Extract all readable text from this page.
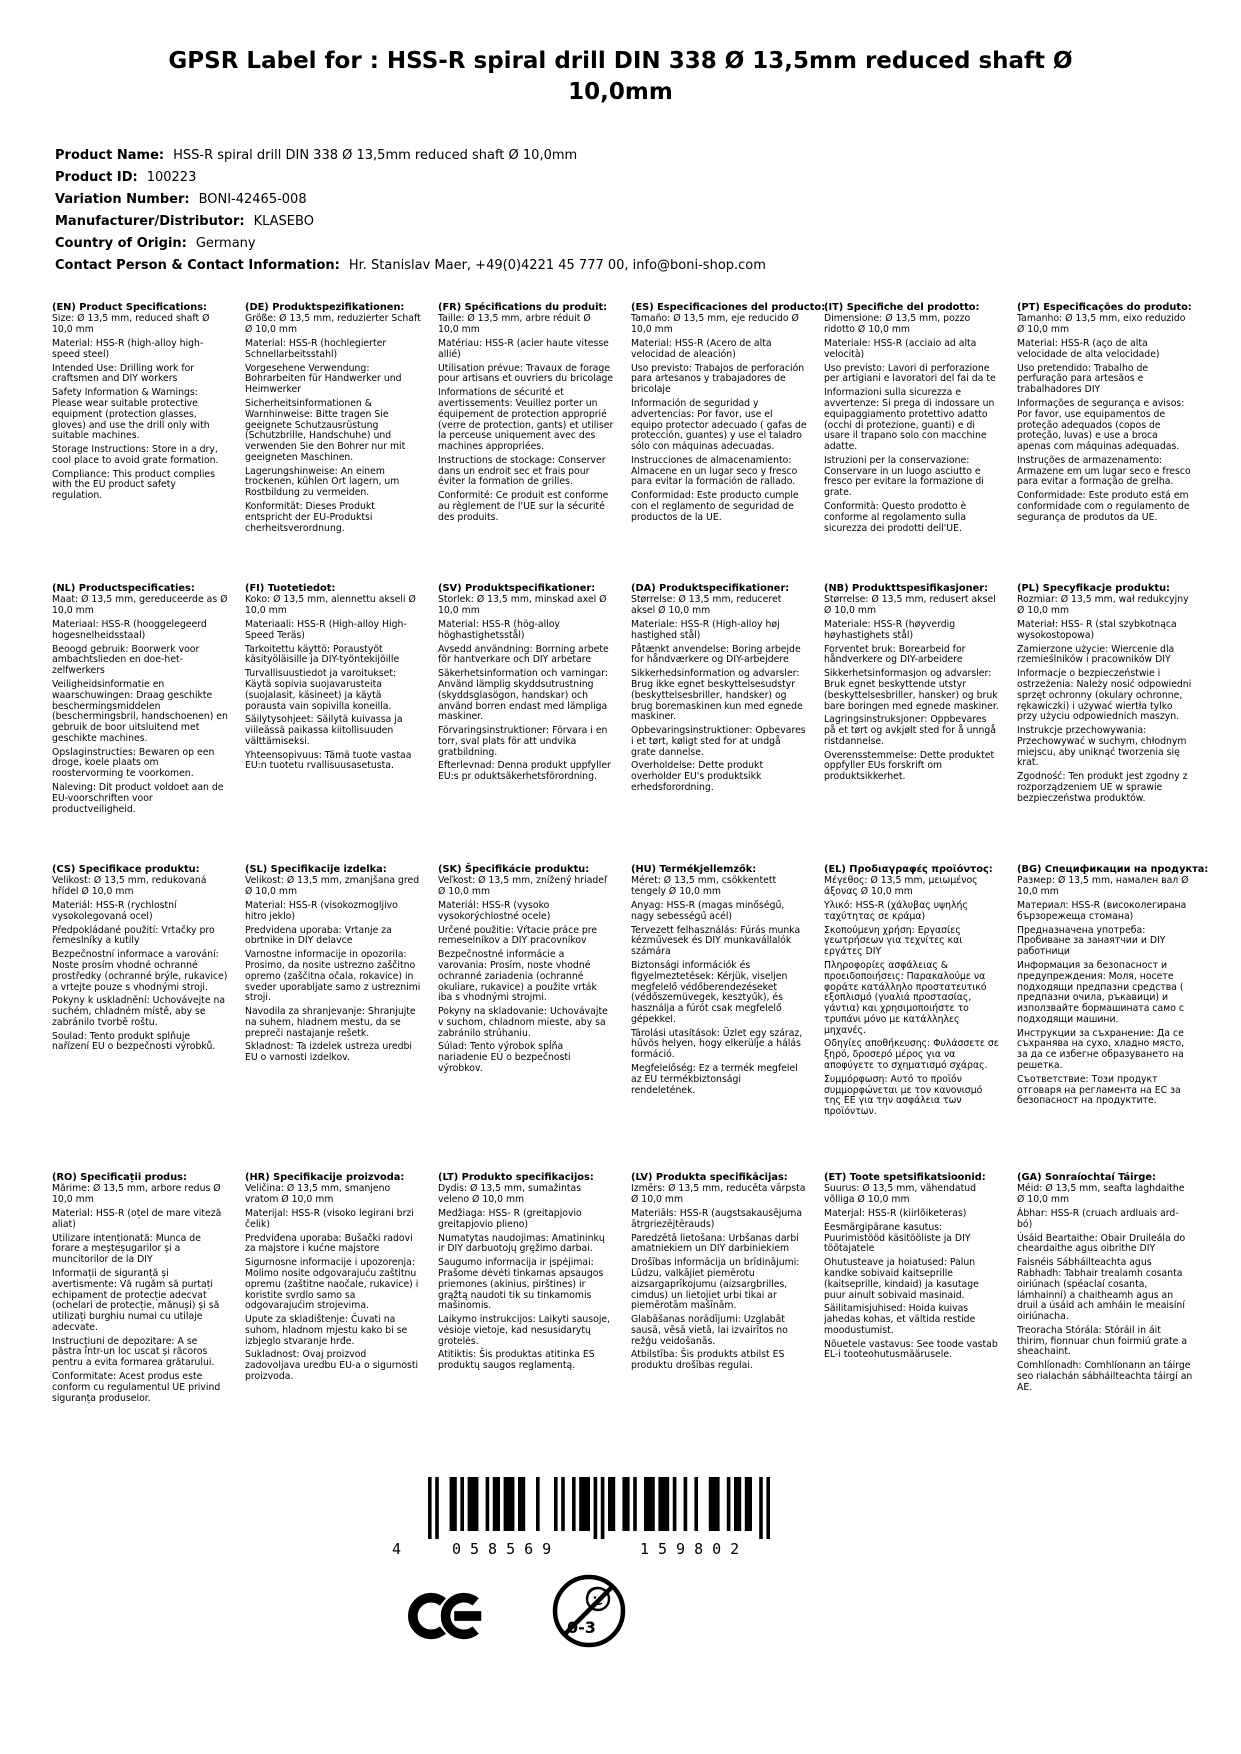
GPSR Label for : HSS-R spiral drill DIN 338 Ø 13,5mm reduced shaft Ø 10,0mm
Product Name: HSS-R spiral drill DIN 338 Ø 13,5mm reduced shaft Ø 10,0mm
Product ID: 100223
Variation Number: BONI-42465-008
Manufacturer/Distributor: KLASEBO
Country of Origin: Germany
Contact Person & Contact Information: Hr. Stanislav Maer, +49(0)4221 45 777 00, info@boni-shop.com
(EN) Product Specifications:

Size: Ø 13,5 mm, reduced shaft Ø 10,0 mm

Material: HSS-R (high-alloy high-speed steel)

Intended Use: Drilling work for craftsmen and DIY workers

Safety Information & Warnings: Please wear suitable protective equipment (protection glasses, gloves) and use the drill only with suitable machines.

Storage Instructions: Store in a dry, cool place to avoid grate formation.

Compliance: This product complies with the EU product safety regulation.

(DE) Produktspezifikationen:

Größe: Ø 13,5 mm, reduzierter Schaft Ø 10,0 mm

Material: HSS-R (hochlegierter Schnellarbeitsstahl)

Vorgesehene Verwendung: Bohrarbeiten für Handwerker und Heimwerker

Sicherheitsinformationen & Warnhinweise: Bitte tragen Sie geeignete Schutzausrüstung (Schutzbrille, Handschuhe) und verwenden Sie den Bohrer nur mit geeigneten Maschinen.

Lagerungshinweise: An einem trockenen, kühlen Ort lagern, um Rostbildung zu vermeiden.

Konformität: Dieses Produkt entspricht der EU-Produktsi cherheitsverordnung.

(FR) Spécifications du produit:

Taille: Ø 13,5 mm, arbre réduit Ø 10,0 mm

Matériau: HSS-R (acier haute vitesse allié)

Utilisation prévue: Travaux de forage pour artisans et ouvriers du bricolage

Informations de sécurité et avertissements: Veuillez porter un équipement de protection approprié (verre de protection, gants) et utiliser la perceuse uniquement avec des machines appropriées.

Instructions de stockage: Conserver dans un endroit sec et frais pour éviter la formation de grilles.

Conformité: Ce produit est conforme au règlement de l'UE sur la sécurité des produits.

(ES) Especificaciones del producto:

Tamaño: Ø 13,5 mm, eje reducido Ø 10,0 mm

Material: HSS-R (Acero de alta velocidad de aleación)

Uso previsto: Trabajos de perforación para artesanos y trabajadores de bricolaje

Información de seguridad y advertencias: Por favor, use el equipo protector adecuado ( gafas de protección, guantes) y use el taladro sólo con máquinas adecuadas.

Instrucciones de almacenamiento: Almacene en un lugar seco y fresco para evitar la formación de rallado.

Conformidad: Este producto cumple con el reglamento de seguridad de productos de la UE.

(IT) Specifiche del prodotto:

Dimensione: Ø 13,5 mm, pozzo ridotto Ø 10,0 mm

Materiale: HSS-R (acciaio ad alta velocità)

Uso previsto: Lavori di perforazione per artigiani e lavoratori del fai da te

Informazioni sulla sicurezza e avvertenze: Si prega di indossare un equipaggiamento protettivo adatto (occhi di protezione, guanti) e di usare il trapano solo con macchine adatte.

Istruzioni per la conservazione: Conservare in un luogo asciutto e fresco per evitare la formazione di grate.

Conformità: Questo prodotto è conforme al regolamento sulla sicurezza dei prodotti dell'UE.

(PT) Especificações do produto:

Tamanho: Ø 13,5 mm, eixo reduzido Ø 10,0 mm

Material: HSS-R (aço de alta velocidade de alta velocidade)

Uso pretendido: Trabalho de perfuração para artesãos e trabalhadores DIY

Informações de segurança e avisos: Por favor, use equipamentos de proteção adequados (copos de proteção, luvas) e use a broca apenas com máquinas adequadas.

Instruções de armazenamento: Armazene em um lugar seco e fresco para evitar a formação de grelha.

Conformidade: Este produto está em conformidade com o regulamento de segurança de produtos da UE.

(NL) Productspecificaties:

Maat: Ø 13,5 mm, gereduceerde as Ø 10,0 mm

Materiaal: HSS-R (hooggelegeerd hogesnelheidsstaal)

Beoogd gebruik: Boorwerk voor ambachtslieden en doe-het-zelfwerkers

Veiligheidsinformatie en waarschuwingen: Draag geschikte beschermingsmiddelen (beschermingsbril, handschoenen) en gebruik de boor uitsluitend met geschikte machines.

Opslaginstructies: Bewaren op een droge, koele plaats om roostervorming te voorkomen.

Naleving: Dit product voldoet aan de EU-voorschriften voor productveiligheid.

(FI) Tuotetiedot:

Koko: Ø 13,5 mm, alennettu akseli Ø 10,0 mm

Materiaali: HSS-R (High-alloy High-Speed Teräs)

Tarkoitettu käyttö: Poraustyöt käsityöläisille ja DIY-työntekijöille

Turvallisuustiedot ja varoitukset: Käytä sopivia suojavarusteita (suojalasit, käsineet) ja käytä porausta vain sopivilla koneilla.

Säilytysohjeet: Säilytä kuivassa ja viileässä paikassa kiitollisuuden välttämiseksi.

Yhteensopivuus: Tämä tuote vastaa EU:n tuotetu rvallisuusasetusta.

(SV) Produktspecifikationer:

Storlek: Ø 13,5 mm, minskad axel Ø 10,0 mm

Material: HSS-R (hög-alloy höghastighetsstål)

Avsedd användning: Borrning arbete för hantverkare och DIY arbetare

Säkerhetsinformation och varningar: Använd lämplig skyddsutrustning (skyddsglasögon, handskar) och använd borren endast med lämpliga maskiner.

Förvaringsinstruktioner: Förvara i en torr, sval plats för att undvika gratbildning.

Efterlevnad: Denna produkt uppfyller EU:s pr oduktsäkerhetsförordning.

(DA) Produktspecifikationer:

Størrelse: Ø 13,5 mm, reduceret aksel Ø 10,0 mm

Materiale: HSS-R (High-alloy høj hastighed stål)

Påtænkt anvendelse: Boring arbejde for håndværkere og DIY-arbejdere

Sikkerhedsinformation og advarsler: Brug ikke egnet beskyttelsesudstyr (beskyttelsesbriller, handsker) og brug boremaskinen kun med egnede maskiner.

Opbevaringsinstruktioner: Opbevares i et tørt, køligt sted for at undgå grate dannelse.

Overholdelse: Dette produkt overholder EU's produktsikk erhedsforordning.

(NB) Produkttspesifikasjoner:

Størrelse: Ø 13,5 mm, redusert aksel Ø 10,0 mm

Materiale: HSS-R (høyverdig høyhastighets stål)

Forventet bruk: Borearbeid for håndverkere og DIY-arbeidere

Sikkerhetsinformasjon og advarsler: Bruk egnet beskyttende utstyr (beskyttelsesbriller, hansker) og bruk bare boringen med egnede maskiner.

Lagringsinstruksjoner: Oppbevares på et tørt og avkjølt sted for å unngå ristdannelse.

Overensstemmelse: Dette produktet oppfyller EUs forskrift om produktsikkerhet.

(PL) Specyfikacje produktu:

Rozmiar: Ø 13,5 mm, wał redukcyjny Ø 10,0 mm

Materiał: HSS- R (stal szybkotnąca wysokostopowa)

Zamierzone użycie: Wiercenie dla rzemieślników i pracowników DIY

Informacje o bezpieczeństwie i ostrzeżenia: Należy nosić odpowiedni sprzęt ochronny (okulary ochronne, rękawiczki) i używać wiertła tylko przy użyciu odpowiednich maszyn.

Instrukcje przechowywania: Przechowywać w suchym, chłodnym miejscu, aby uniknąć tworzenia się krat.

Zgodność: Ten produkt jest zgodny z rozporządzeniem UE w sprawie bezpieczeństwa produktów.

(CS) Specifikace produktu:

Velikost: Ø 13,5 mm, redukovaná hřídel Ø 10,0 mm

Materiál: HSS-R (rychlostní vysokolegovaná ocel)

Předpokládané použití: Vrtačky pro řemeslníky a kutily

Bezpečnostní informace a varování: Noste prosím vhodné ochranné prostředky (ochranné brýle, rukavice) a vrtejte pouze s vhodnými stroji.

Pokyny k uskladnění: Uchovávejte na suchém, chladném místě, aby se zabránilo tvorbě roštu.

Soulad: Tento produkt splňuje nařízení EU o bezpečnosti výrobků.

(SL) Specifikacije izdelka:

Velikost: Ø 13,5 mm, zmanjšana gred Ø 10,0 mm

Material: HSS-R (visokozmogljivo hitro jeklo)

Predvidena uporaba: Vrtanje za obrtnike in DIY delavce

Varnostne informacije in opozorila: Prosimo, da nosite ustrezno zaščitno opremo (zaščitna očala, rokavice) in sveder uporabljate samo z ustreznimi stroji.

Navodila za shranjevanje: Shranjujte na suhem, hladnem mestu, da se prepreči nastajanje rešetk.

Skladnost: Ta izdelek ustreza uredbi EU o varnosti izdelkov.

(SK) Špecifikácie produktu:

Veľkost: Ø 13,5 mm, znížený hriadeľ Ø 10,0 mm

Materiál: HSS-R (vysoko vysokorýchlostné ocele)

Určené použitie: Vŕtacie práce pre remeselníkov a DIY pracovníkov

Bezpečnostné informácie a varovania: Prosím, noste vhodné ochranné zariadenia (ochranné okuliare, rukavice) a použite vrták iba s vhodnými strojmi.

Pokyny na skladovanie: Uchovávajte v suchom, chladnom mieste, aby sa zabránilo strúhaniu.

Súlad: Tento výrobok spĺňa nariadenie EÚ o bezpečnosti výrobkov.

(HU) Termékjellemzők:

Méret: Ø 13,5 mm, csökkentett tengely Ø 10,0 mm

Anyag: HSS-R (magas minőségű, nagy sebességű acél)

Tervezett felhasználás: Fúrás munka kézművesek és DIY munkavállalók számára

Biztonsági információk és figyelmeztetések: Kérjük, viseljen megfelelő védőberendezéseket (védőszemüvegek, kesztyűk), és használja a fúrót csak megfelelő gépekkel.

Tárolási utasítások: Üzlet egy száraz, hűvös helyen, hogy elkerülje a hálás formáció.

Megfelelőség: Ez a termék megfelel az EU termékbiztonsági rendeletének.

(EL) Προδιαγραφές προϊόντος:

Μέγεθος: Ø 13,5 mm, μειωμένος άξονας Ø 10,0 mm

Υλικό: HSS-R (χάλυβας υψηλής ταχύτητας σε κράμα)

Σκοπούμενη χρήση: Εργασίες γεωτρήσεων για τεχνίτες και εργάτες DIY

Πληροφορίες ασφάλειας & προειδοποιήσεις: Παρακαλούμε να φοράτε κατάλληλο προστατευτικό εξοπλισμό (γυαλιά προστασίας, γάντια) και χρησιμοποιήστε το τρυπάνι μόνο με κατάλληλες μηχανές.

Οδηγίες αποθήκευσης: Φυλάσσετε σε ξηρό, δροσερό μέρος για να αποφύγετε το σχηματισμό σχάρας.

Συμμόρφωση: Αυτό το προϊόν συμμορφώνεται με τον κανονισμό της ΕΕ για την ασφάλεια των προϊόντων.

(BG) Спецификации на продукта:

Размер: Ø 13,5 mm, намален вал Ø 10,0 mm

Материал: HSS-R (високолегирана бързорежеща стомана)

Предназначена употреба: Пробиване за занаятчии и DIY работници

Информация за безопасност и предупреждения: Моля, носете подходящи предпазни средства ( предпазни очила, ръкавици) и използвайте бормашината само с подходящи машини.

Инструкции за съхранение: Да се съхранява на сухо, хладно място, за да се избегне образуването на решетка.

Съответствие: Този продукт отговаря на регламента на ЕС за безопасност на продуктите.

(RO) Specificații produs:

Mărime: Ø 13,5 mm, arbore redus Ø 10,0 mm

Material: HSS-R (oțel de mare viteză aliat)

Utilizare intenționată: Munca de forare a meșteșugarilor și a muncitorilor de la DIY

Informații de siguranță și avertismente: Vă rugăm să purtați echipament de protecție adecvat (ochelari de protecție, mănuși) și să utilizați burghiu numai cu utilaje adecvate.

Instrucțiuni de depozitare: A se păstra într-un loc uscat și răcoros pentru a evita formarea grătarului.

Conformitate: Acest produs este conform cu regulamentul UE privind siguranța produselor.

(HR) Specifikacije proizvoda:

Veličina: Ø 13,5 mm, smanjeno vratom Ø 10,0 mm

Materijal: HSS-R (visoko legirani brzi čelik)

Predviđena uporaba: Bušački radovi za majstore i kućne majstore

Sigurnosne informacije i upozorenja: Molimo nosite odgovarajuću zaštitnu opremu (zaštitne naočale, rukavice) i koristite svrdlo samo sa odgovarajućim strojevima.

Upute za skladištenje: Čuvati na suhom, hladnom mjestu kako bi se izbjeglo stvaranje hrđe.

Sukladnost: Ovaj proizvod zadovoljava uredbu EU-a o sigurnosti proizvoda.

(LT) Produkto specifikacijos:

Dydis: Ø 13,5 mm, sumažintas veleno Ø 10,0 mm

Medžiaga: HSS- R (greitapjovio greitapjovio plieno)

Numatytas naudojimas: Amatininkų ir DIY darbuotojų gręžimo darbai.

Saugumo informacija ir įspėjimai: Prašome dėvėti tinkamas apsaugos priemones (akinius, pirštines) ir grąžtą naudoti tik su tinkamomis mašinomis.

Laikymo instrukcijos: Laikyti sausoje, vėsioje vietoje, kad nesusidarytų grotelės.

Atitiktis: Šis produktas atitinka ES produktų saugos reglamentą.

(LV) Produkta specifikācijas:

Izmērs: Ø 13,5 mm, reducēta vārpsta Ø 10,0 mm

Materiāls: HSS-R (augstsakausējuma ātrgriezējtērauds)

Paredzētā lietošana: Urbšanas darbi amatniekiem un DIY darbiniekiem

Drošības informācija un brīdinājumi: Lūdzu, valkājiet piemērotu aizsargaprīkojumu (aizsargbrilles, cimdus) un lietojiet urbi tikai ar piemērotām mašīnām.

Glabāšanas norādījumi: Uzglabāt sausā, vēsā vietā, lai izvairītos no režģu veidošanās.

Atbilstība: Šis produkts atbilst ES produktu drošības regulai.

(ET) Toote spetsifikatsioonid:

Suurus: Ø 13,5 mm, vähendatud võlliga Ø 10,0 mm

Materjal: HSS-R (kiirlõiketeras)

Eesmärgipärane kasutus: Puurimistööd käsitööliste ja DIY töötajatele

Ohutusteave ja hoiatused: Palun kandke sobivaid kaitseprille (kaitseprille, kindaid) ja kasutage puur ainult sobivaid masinaid.

Säilitamisjuhised: Hoida kuivas jahedas kohas, et vältida restide moodustumist.

Nõuetele vastavus: See toode vastab EL-i tooteohutusmäärusele.

(GA) Sonraíochtaí Táirge:

Méid: Ø 13,5 mm, seafta laghdaithe Ø 10,0 mm

Ábhar: HSS-R (cruach ardluais ard-bó)

Úsáid Beartaithe: Obair Druileála do cheardaithe agus oibrithe DIY

Faisnéis Sábháilteachta agus Rabhadh: Tabhair trealamh cosanta oiriúnach (spéaclaí cosanta, lámhainní) a chaitheamh agus an druil a úsáid ach amháin le meaisíní oiriúnacha.

Treoracha Stórála: Stóráil in áit thirim, fionnuar chun foirmiú grate a sheachaint.

Comhlíonadh: Comhlíonann an táirge seo rialachán sábháilteachta táirgí an AE.

4	058569	159802
0-3
